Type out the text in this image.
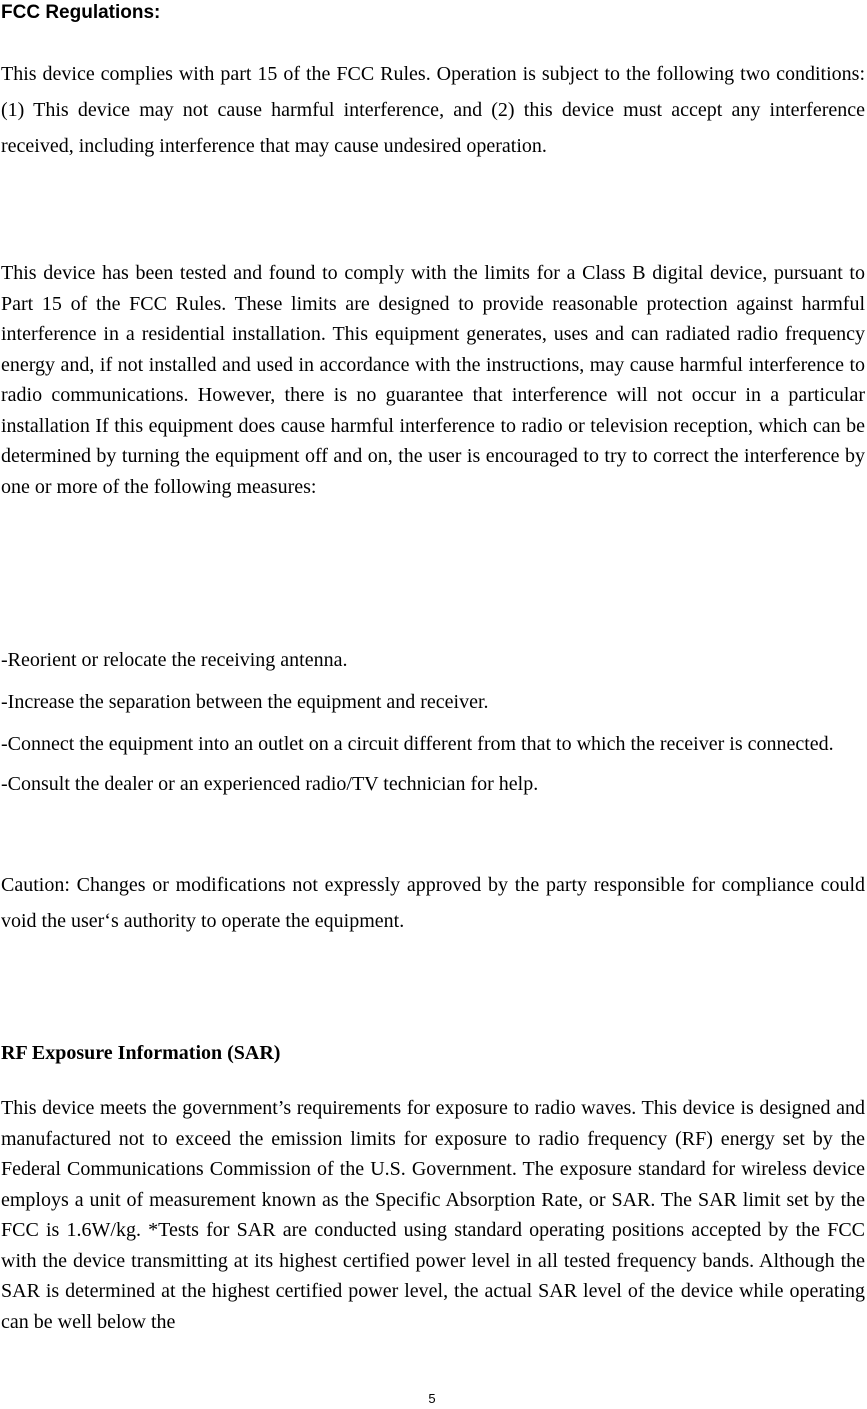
FCC Regulations:

This device complies with part 15 of the FCC Rules. Operation is subject to the following two conditions: (1) This device may not cause harmful interference, and (2) this device must accept any interference received, including interference that may cause undesired operation.

This device has been tested and found to comply with the limits for a Class B digital device, pursuant to Part 15 of the FCC Rules. These limits are designed to provide reasonable protection against harmful interference in a residential installation. This equipment generates, uses and can radiated radio frequency energy and, if not installed and used in accordance with the instructions, may cause harmful interference to radio communications. However, there is no guarantee that interference will not occur in a particular installation If this equipment does cause harmful interference to radio or television reception, which can be determined by turning the equipment off and on, the user is encouraged to try to correct the interference by one or more of the following measures:

-Reorient or relocate the receiving antenna.
-Increase the separation between the equipment and receiver.
-Connect the equipment into an outlet on a circuit different from that to which the receiver is connected.
-Consult the dealer or an experienced radio/TV technician for help.

Caution: Changes or modifications not expressly approved by the party responsible for compliance could void the user‘s authority to operate the equipment.

RF Exposure Information (SAR)

This device meets the government’s requirements for exposure to radio waves. This device is designed and manufactured not to exceed the emission limits for exposure to radio frequency (RF) energy set by the Federal Communications Commission of the U.S. Government. The exposure standard for wireless device employs a unit of measurement known as the Specific Absorption Rate, or SAR. The SAR limit set by the FCC is 1.6W/kg. *Tests for SAR are conducted using standard operating positions accepted by the FCC with the device transmitting at its highest certified power level in all tested frequency bands. Although the SAR is determined at the highest certified power level, the actual SAR level of the device while operating can be well below the

5
